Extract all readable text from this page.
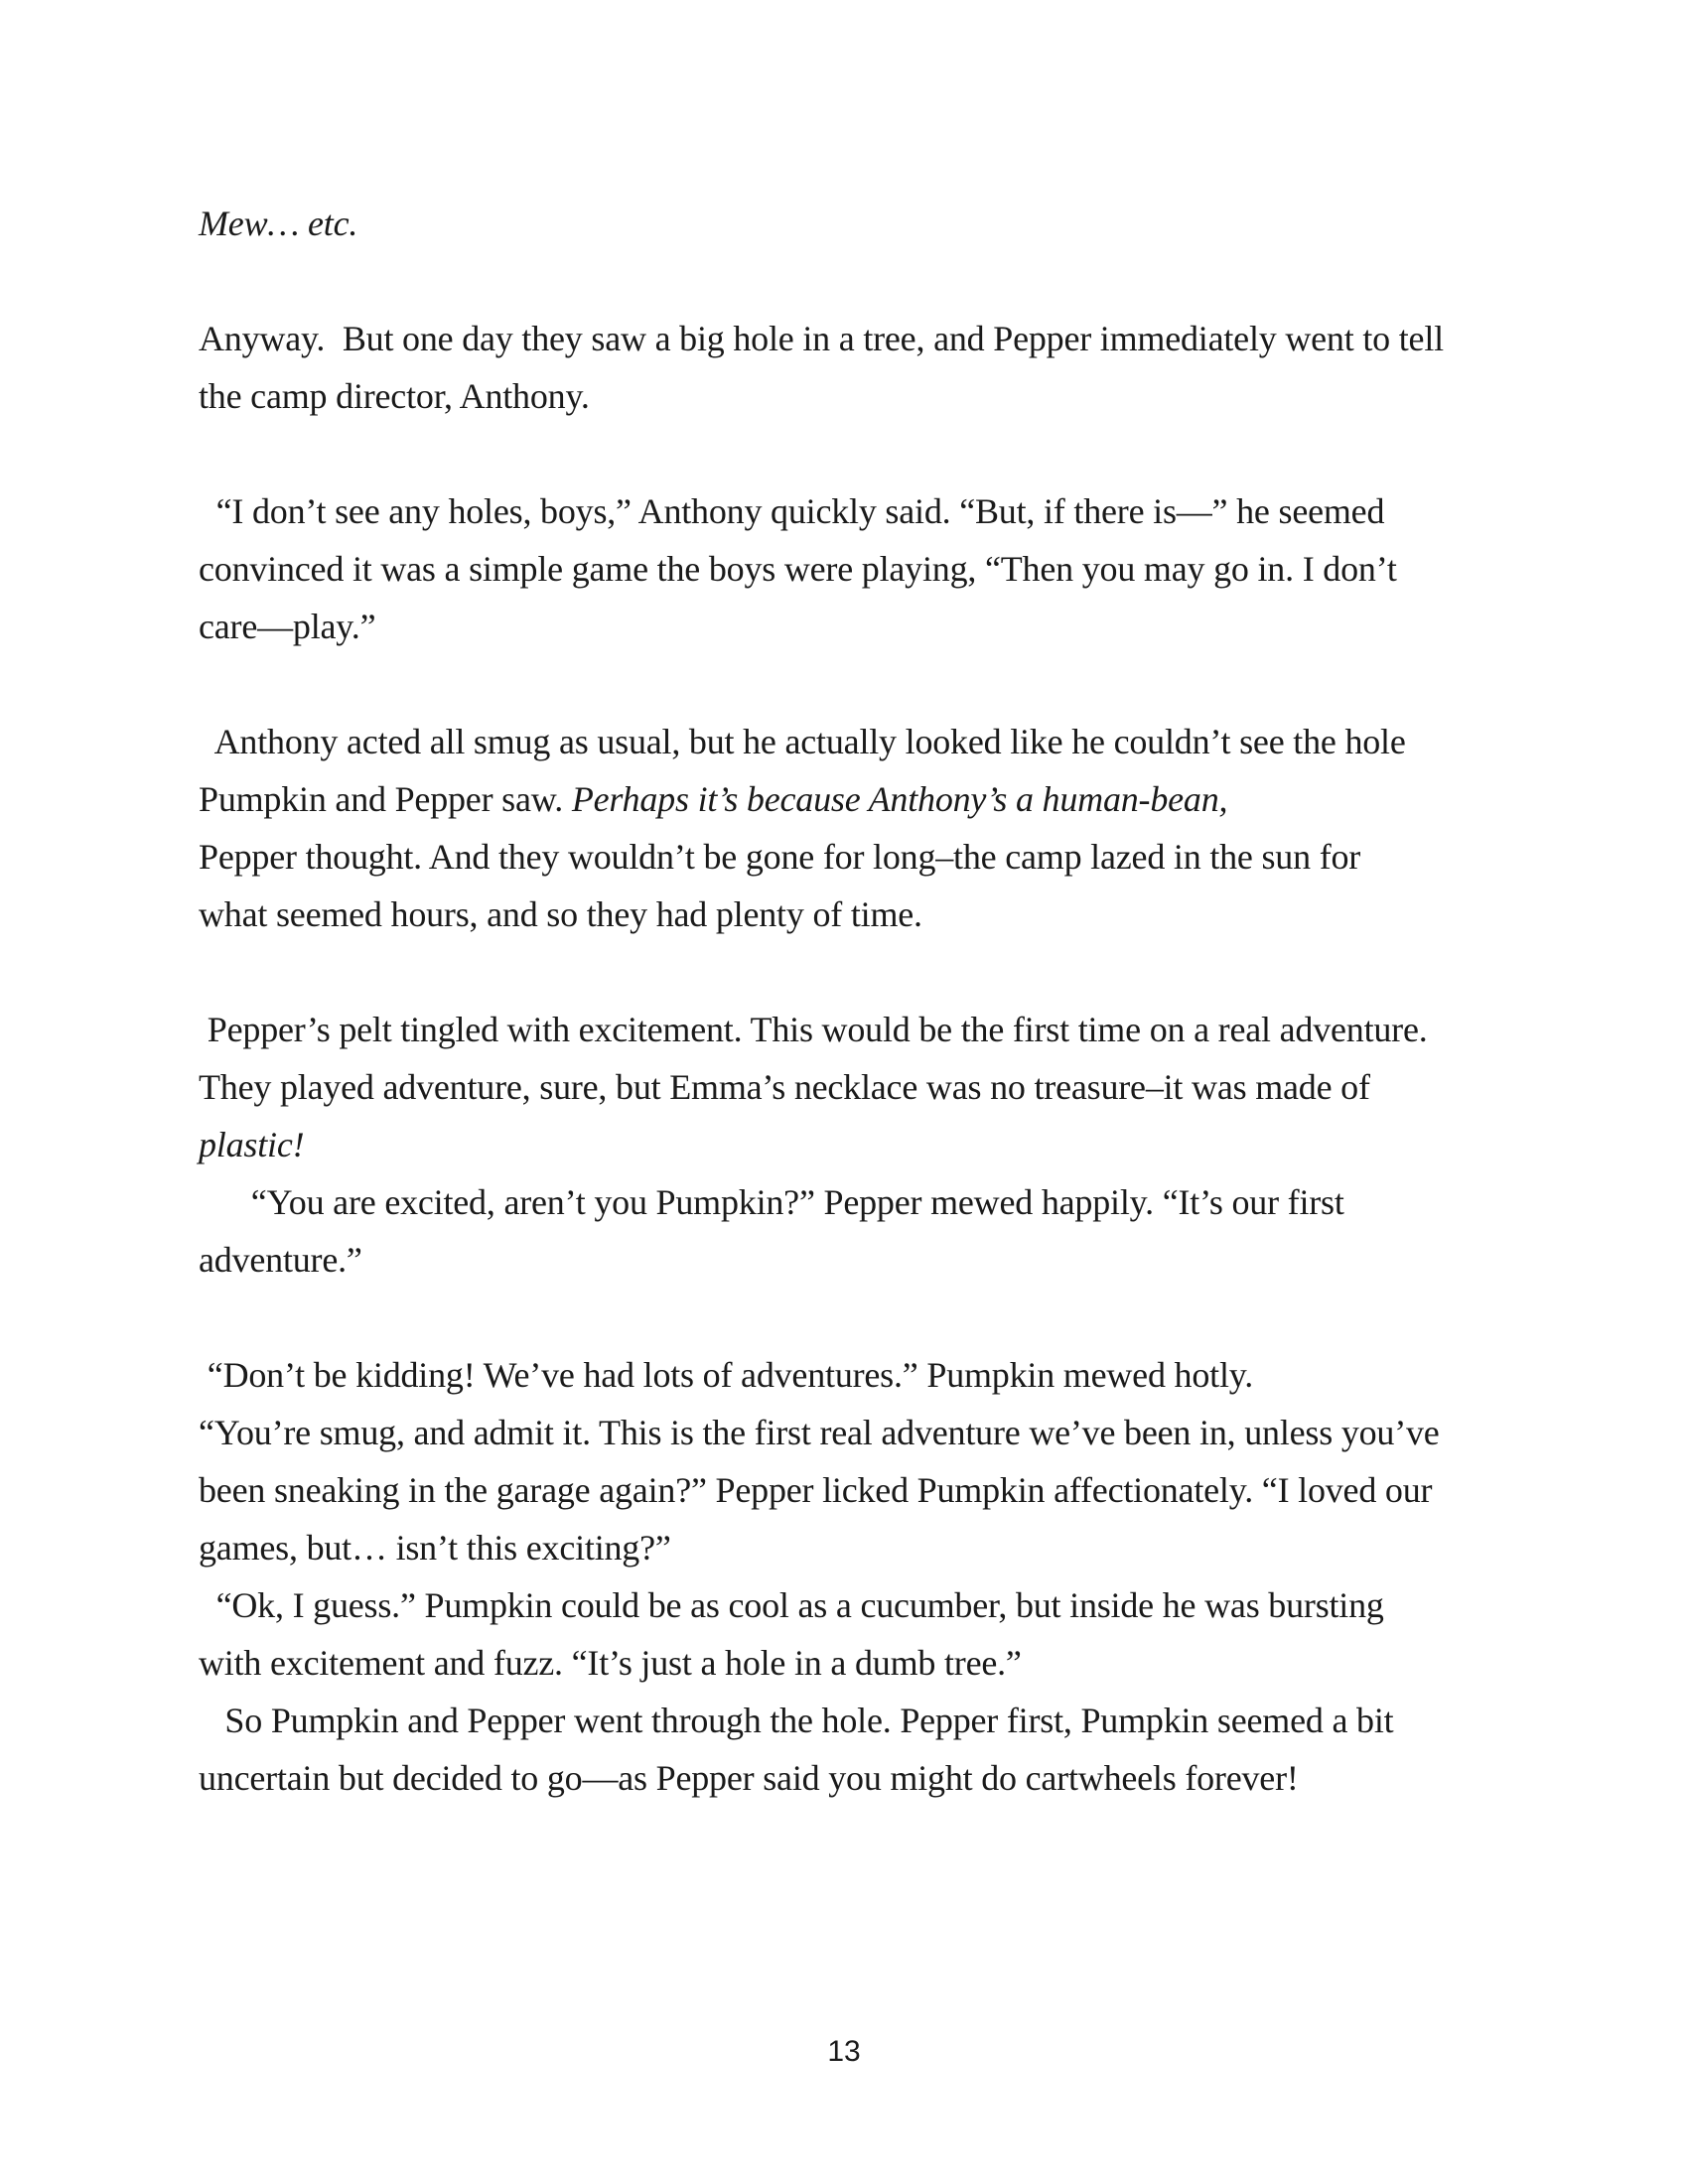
Mew… etc.
Anyway.  But one day they saw a big hole in a tree, and Pepper immediately went to tell
the camp director, Anthony.
“I don’t see any holes, boys,” Anthony quickly said. “But, if there is—” he seemed
convinced it was a simple game the boys were playing, “Then you may go in. I don’t
care—play.”
Anthony acted all smug as usual, but he actually looked like he couldn’t see the hole
Pumpkin and Pepper saw. Perhaps it’s because Anthony’s a human-bean,
Pepper thought. And they wouldn’t be gone for long–the camp lazed in the sun for
what seemed hours, and so they had plenty of time.
Pepper’s pelt tingled with excitement. This would be the first time on a real adventure.
They played adventure, sure, but Emma’s necklace was no treasure–it was made of
plastic!
“You are excited, aren’t you Pumpkin?” Pepper mewed happily. “It’s our first
adventure.”
“Don’t be kidding! We’ve had lots of adventures.” Pumpkin mewed hotly.
“You’re smug, and admit it. This is the first real adventure we’ve been in, unless you’ve
been sneaking in the garage again?” Pepper licked Pumpkin affectionately. “I loved our
games, but… isn’t this exciting?”
“Ok, I guess.” Pumpkin could be as cool as a cucumber, but inside he was bursting
with excitement and fuzz. “It’s just a hole in a dumb tree.”
So Pumpkin and Pepper went through the hole. Pepper first, Pumpkin seemed a bit
uncertain but decided to go—as Pepper said you might do cartwheels forever!
13
